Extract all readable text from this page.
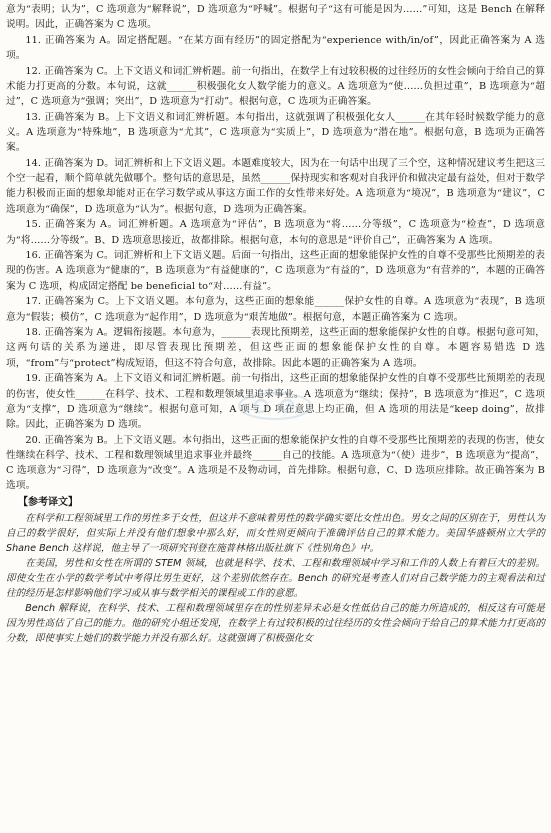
意为“表明；认为”，C 选项意为“解释说”，D 选项意为“呼喊”。根据句子“这有可能是因为……”可知，这是 Bench 在解释说明。因此，正确答案为 C 选项。

11. 正确答案为 A。固定搭配题。“在某方面有经历”的固定搭配为“experience with/in/of”，因此正确答案为 A 选项。

12. 正确答案为 C。上下文语义和词汇辨析题。前一句指出，在数学上有过较积极的过往经历的女性会倾向于给自己的算术能力打更高的分数。本句说，这就______积极强化女人数学能力的意义。A 选项意为“使……负担过重”，B 选项意为“超过”，C 选项意为“强调；突出”，D 选项意为“打动”。根据句意，C 选项为正确答案。

13. 正确答案为 B。上下文语义和词汇辨析题。本句指出，这就强调了积极强化女人______在其年轻时候数学能力的意义。A 选项意为“特殊地”，B 选项意为“尤其”，C 选项意为“实质上”，D 选项意为“潜在地”。根据句意，B 选项为正确答案。

14. 正确答案为 D。词汇辨析和上下文语义题。本题难度较大，因为在一句话中出现了三个空，这种情况建议考生把这三个空一起看，顺个简单就先做哪个。整句话的意思是，虽然______保持现实和客观对自我评价和做决定最有益处，但对于数学能力积极而正面的想象却能对正在学习数学或从事这方面工作的女性带来好处。A 选项意为“境况”，B 选项意为“建议”，C 选项意为“确保”，D 选项意为“认为”。根据句意，D 选项为正确答案。

15. 正确答案为 A。词汇辨析题。A 选项意为“评估”，B 选项意为“将……分等级”，C 选项意为“检查”，D 选项意为“将……分等级”。B、D 选项意思接近，故都排除。根据句意，本句的意思是“评价自己”，正确答案为 A 选项。

16. 正确答案为 C。词汇辨析和上下文语义题。后面一句指出，这些正面的想象能保护女性的自尊不受那些比预期差的表现的伤害。A 选项意为“健康的”，B 选项意为“有益健康的”，C 选项意为“有益的”，D 选项意为“有营养的”，本题的正确答案为 C 选项，构成固定搭配 be beneficial to“对……有益”。

17. 正确答案为 C。上下文语义题。本句意为，这些正面的想象能______保护女性的自尊。A 选项意为“表现”，B 选项意为“假装；模仿”，C 选项意为“起作用”，D 选项意为“艰苦地做”。根据句意，本题正确答案为 C 选项。

18. 正确答案为 A。逻辑衔接题。本句意为，______表现比预期差，这些正面的想象能保护女性的自尊。根据句意可知，这两句话的关系为递进，即尽管表现比预期差，但这些正面的想象能保护女性的自尊。本题容易错选 D 选项，“from”与“protect”构成短语，但这不符合句意，故排除。因此本题的正确答案为 A 选项。

19. 正确答案为 A。上下文语义和词汇辨析题。前一句指出，这些正面的想象能保护女性的自尊不受那些比预期差的表现的伤害，使女性______在科学、技术、工程和数理领域里追求事业。A 选项意为“继续；保持”，B 选项意为“推迟”，C 选项意为“支撑”，D 选项意为“继续”。根据句意可知，A 项与 D 项在意思上均正确，但 A 选项的用法是“keep doing”，故排除。因此，正确答案为 D 选项。

20. 正确答案为 B。上下文语义题。本句指出，这些正面的想象能保护女性的自尊不受那些比预期差的表现的伤害，使女性继续在科学、技术、工程和数理领域里追求事业并最终______自己的技能。A 选项意为“（使）进步”，B 选项意为“提高”，C 选项意为“习得”，D 选项意为“改变”。A 选项是不及物动词，首先排除。根据句意，C、D 选项应排除。故正确答案为 B 选项。

【参考译文】

在科学和工程领域里工作的男性多于女性，但这并不意味着男性的数学确实要比女性出色。男女之间的区别在于，男性认为自己的数学很好，但实际上并没有他们想象中那么好，而女性则更倾向于准确评估自己的算术能力。美国华盛顿州立大学的 Shane Bench 这样说，他主导了一项研究刊登在施普林格出版社旗下《性别角色》中。

在美国，男性和女性在所谓的 STEM 领域，也就是科学、技术、工程和数理领域中学习和工作的人数上有着巨大的差别。即使女生在小学的数学考试中考得比男生更好，这个差别依然存在。Bench 的研究是考查人们对自己数学能力的主观看法和过往的经历是怎样影响他们学习或从事与数学相关的课程或工作的意愿。

Bench 解释说，在科学、技术、工程和数理领域里存在的性别差异未必是女性低估自己的能力所造成的，相反这有可能是因为男性高估了自己的能力。他的研究小组还发现，在数学上有过较积极的过往经历的女性会倾向于给自己的算术能力打更高的分数，即使事实上她们的数学能力并没有那么好。这就强调了积极强化女
